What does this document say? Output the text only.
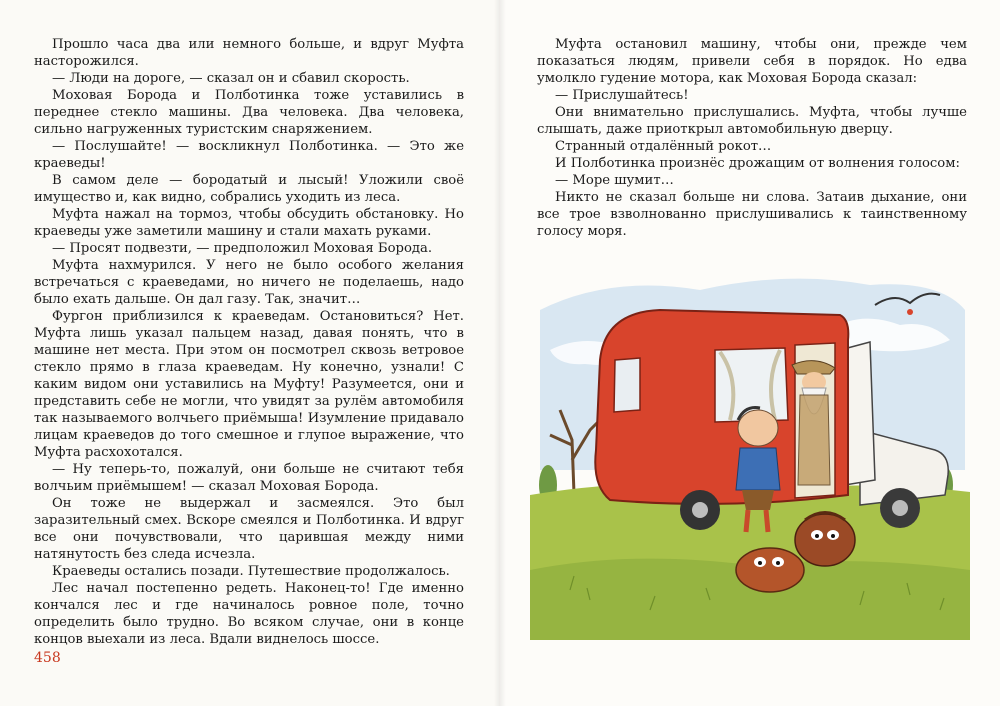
Прошло часа два или немного больше, и вдруг Муфта насторожился.

— Люди на дороге, — сказал он и сбавил скорость.

Моховая Борода и Полботинка тоже уставились в переднее стекло машины. Два человека. Два человека, сильно нагруженных туристским снаряжением.

— Послушайте! — воскликнул Полботинка. — Это же краеведы!

В самом деле — бородатый и лысый! Уложили своё имущество и, как видно, собрались уходить из леса.

Муфта нажал на тормоз, чтобы обсудить обстановку. Но краеведы уже заметили машину и стали махать руками.

— Просят подвезти, — предположил Моховая Борода.

Муфта нахмурился. У него не было особого желания встречаться с краеведами, но ничего не поделаешь, надо было ехать дальше. Он дал газу. Так, значит…

Фургон приблизился к краеведам. Остановиться? Нет. Муфта лишь указал пальцем назад, давая понять, что в машине нет места. При этом он посмотрел сквозь ветровое стекло прямо в глаза краеведам. Ну конечно, узнали! С каким видом они уставились на Муфту! Разумеется, они и представить себе не могли, что увидят за рулём автомобиля так называемого волчьего приёмыша! Изумление придавало лицам краеведов до того смешное и глупое выражение, что Муфта расхохотался.

— Ну теперь-то, пожалуй, они больше не считают тебя волчьим приёмышем! — сказал Моховая Борода.

Он тоже не выдержал и засмеялся. Это был заразительный смех. Вскоре смеялся и Полботинка. И вдруг все они почувствовали, что царившая между ними натянутость без следа исчезла.

Краеведы остались позади. Путешествие продолжалось.

Лес начал постепенно редеть. Наконец-то! Где именно кончался лес и где начиналось ровное поле, точно определить было трудно. Во всяком случае, они в конце концов выехали из леса. Вдали виднелось шоссе.

458

Муфта остановил машину, чтобы они, прежде чем показаться людям, привели себя в порядок. Но едва умолкло гудение мотора, как Моховая Борода сказал:

— Прислушайтесь!

Они внимательно прислушались. Муфта, чтобы лучше слышать, даже приоткрыл автомобильную дверцу.

Странный отдалённый рокот…

И Полботинка произнёс дрожащим от волнения голосом:

— Море шумит…

Никто не сказал больше ни слова. Затаив дыхание, они все трое взволнованно прислушивались к таинственному голосу моря.
